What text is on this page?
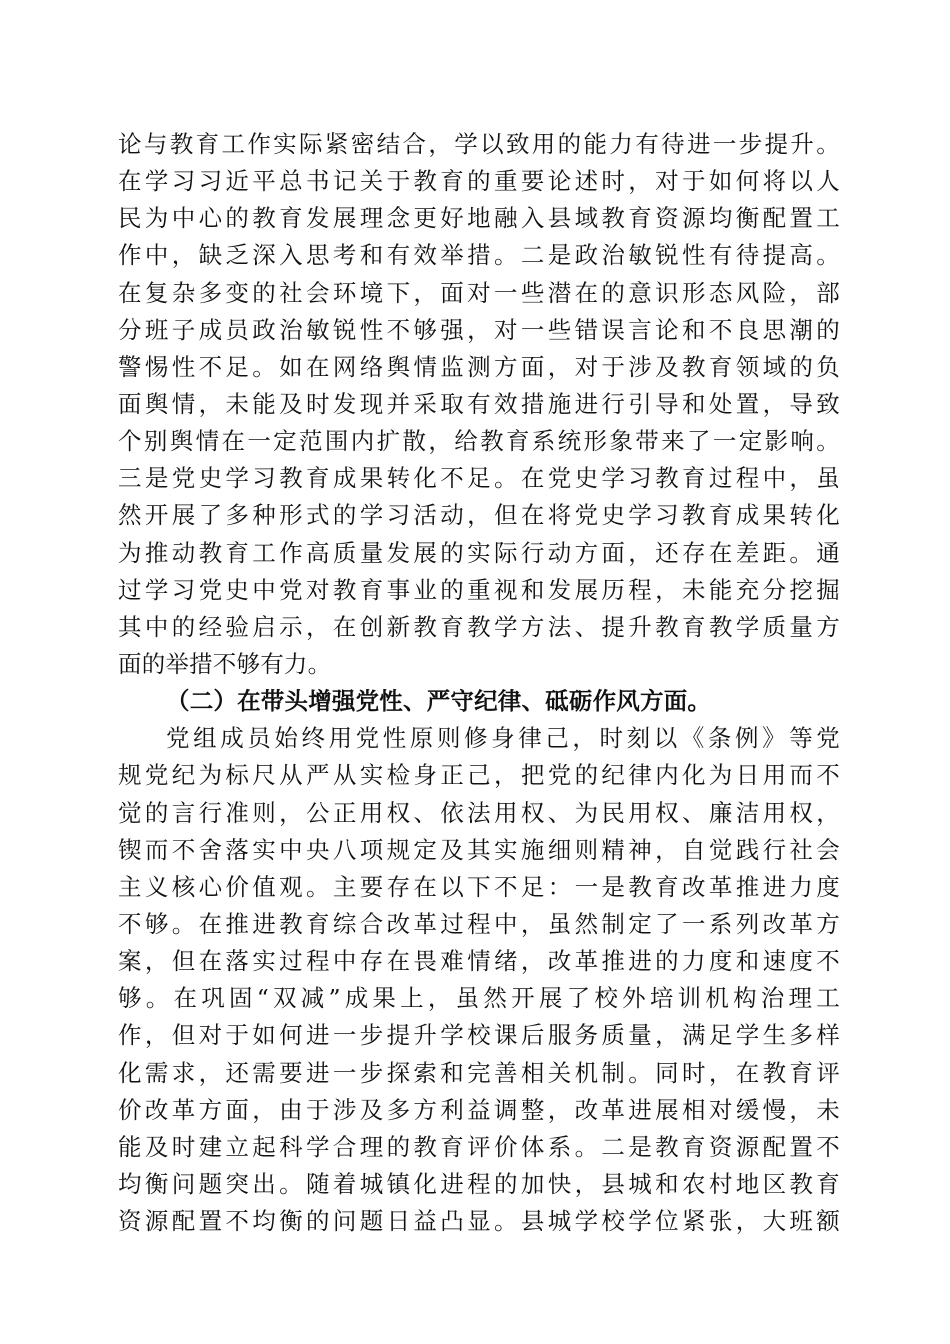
论与教育工作实际紧密结合，学以致用的能力有待进一步提升。
在学习习近平总书记关于教育的重要论述时，对于如何将以人
民为中心的教育发展理念更好地融入县域教育资源均衡配置工
作中，缺乏深入思考和有效举措。二是政治敏锐性有待提高。
在复杂多变的社会环境下，面对一些潜在的意识形态风险，部
分班子成员政治敏锐性不够强，对一些错误言论和不良思潮的
警惕性不足。如在网络舆情监测方面，对于涉及教育领域的负
面舆情，未能及时发现并采取有效措施进行引导和处置，导致
个别舆情在一定范围内扩散，给教育系统形象带来了一定影响。
三是党史学习教育成果转化不足。在党史学习教育过程中，虽
然开展了多种形式的学习活动，但在将党史学习教育成果转化
为推动教育工作高质量发展的实际行动方面，还存在差距。通
过学习党史中党对教育事业的重视和发展历程，未能充分挖掘
其中的经验启示，在创新教育教学方法、提升教育教学质量方
面的举措不够有力。
（二）在带头增强党性、严守纪律、砥砺作风方面。
党组成员始终用党性原则修身律己，时刻以《条例》等党
规党纪为标尺从严从实检身正己，把党的纪律内化为日用而不
觉的言行准则，公正用权、依法用权、为民用权、廉洁用权，
锲而不舍落实中央八项规定及其实施细则精神，自觉践行社会
主义核心价值观。主要存在以下不足：一是教育改革推进力度
不够。在推进教育综合改革过程中，虽然制定了一系列改革方
案，但在落实过程中存在畏难情绪，改革推进的力度和速度不
够。在巩固“双减”成果上，虽然开展了校外培训机构治理工
作，但对于如何进一步提升学校课后服务质量，满足学生多样
化需求，还需要进一步探索和完善相关机制。同时，在教育评
价改革方面，由于涉及多方利益调整，改革进展相对缓慢，未
能及时建立起科学合理的教育评价体系。二是教育资源配置不
均衡问题突出。随着城镇化进程的加快，县城和农村地区教育
资源配置不均衡的问题日益凸显。县城学校学位紧张，大班额
